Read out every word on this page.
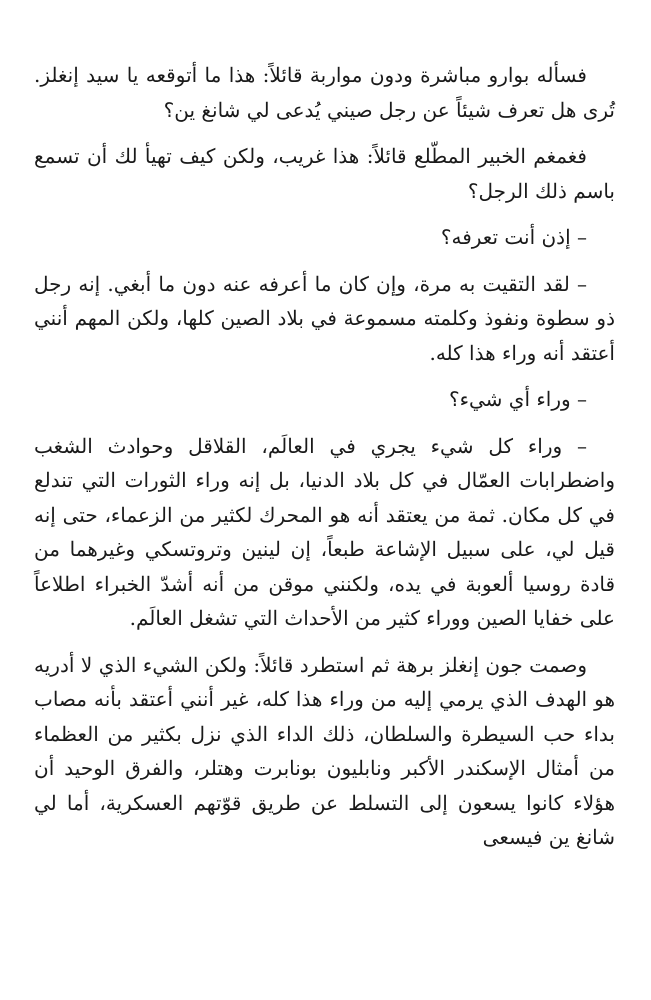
فسأله بوارو مباشرة ودون مواربة قائلاً: هذا ما أتوقعه يا سيد إنغلز. تُرى هل تعرف شيئاً عن رجل صيني يُدعى لي شانغ ين؟

فغمغم الخبير المطّلع قائلاً: هذا غريب، ولكن كيف تهيأ لك أن تسمع باسم ذلك الرجل؟

– إذن أنت تعرفه؟

– لقد التقيت به مرة، وإن كان ما أعرفه عنه دون ما أبغي. إنه رجل ذو سطوة ونفوذ وكلمته مسموعة في بلاد الصين كلها، ولكن المهم أنني أعتقد أنه وراء هذا كله.

– وراء أي شيء؟

– وراء كل شيء يجري في العالَم، القلاقل وحوادث الشغب واضطرابات العمّال في كل بلاد الدنيا، بل إنه وراء الثورات التي تندلع في كل مكان. ثمة من يعتقد أنه هو المحرك لكثير من الزعماء، حتى إنه قيل لي، على سبيل الإشاعة طبعاً، إن لينين وتروتسكي وغيرهما من قادة روسيا ألعوبة في يده، ولكنني موقن من أنه أشدّ الخبراء اطلاعاً على خفايا الصين ووراء كثير من الأحداث التي تشغل العالَم.

وصمت جون إنغلز برهة ثم استطرد قائلاً: ولكن الشيء الذي لا أدريه هو الهدف الذي يرمي إليه من وراء هذا كله، غير أنني أعتقد بأنه مصاب بداء حب السيطرة والسلطان، ذلك الداء الذي نزل بكثير من العظماء من أمثال الإسكندر الأكبر ونابليون بونابرت وهتلر، والفرق الوحيد أن هؤلاء كانوا يسعون إلى التسلط عن طريق قوّتهم العسكرية، أما لي شانغ ين فيسعى
